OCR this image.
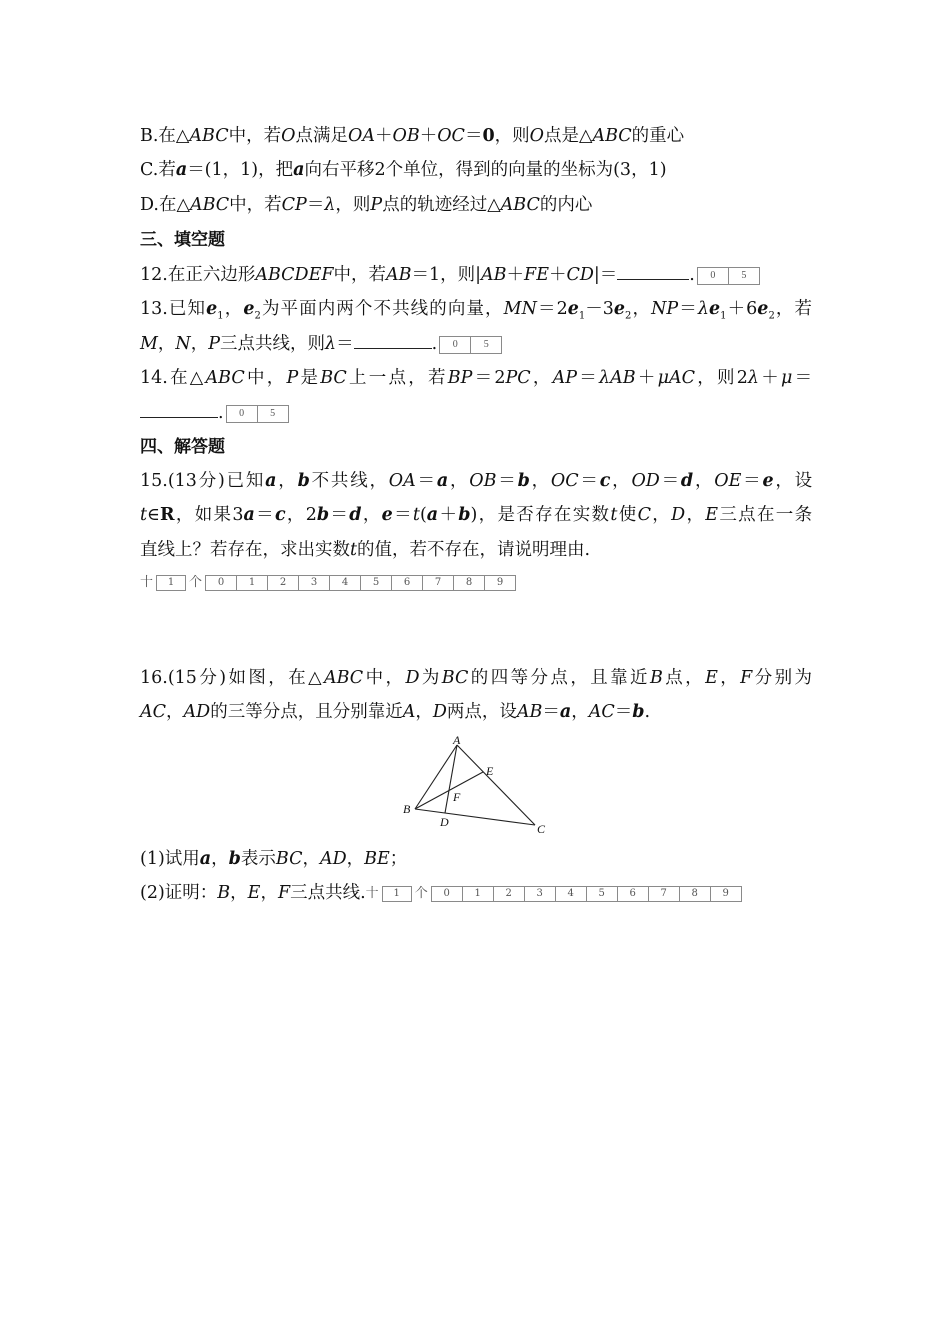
B.在△ABC中，若O点满足OA＋OB＋OC＝0，则O点是△ABC的重心
C.若a＝(1，1)，把a向右平移2个单位，得到的向量的坐标为(3，1)
D.在△ABC中，若CP＝λ，则P点的轨迹经过△ABC的内心
三、填空题
12.在正六边形ABCDEF中，若AB＝1，则|AB＋FE＋CD|＝	.	0	5
13.已知$e_1$，$e_2$为平面内两个不共线的向量，$MN=2e_1-3e_2$，$NP=\lambda e_1+6e_2$，若
M，N，P三点共线，则λ＝	.	0	5
14.在△ABC中，P是BC上一点，若BP＝2PC，AP＝λAB＋μAC，则2λ＋μ＝
.	0	5
四、解答题
15.(13分)已知a，b不共线，OA＝a，OB＝b，OC＝c，OD＝d，OE＝e，设
t∈R，如果3a＝c，2b＝d，e＝t(a＋b)，是否存在实数t使C，D，E三点在一条
直线上？若存在，求出实数t的值，若不存在，请说明理由.
十	1	个	0	1	2	3	4	5	6	7	8	9
16.(15分)如图，在△ABC中，D为BC的四等分点，且靠近B点，E，F分别为
AC，AD的三等分点，且分别靠近A，D两点，设AB＝a，AC＝b.
A
B
C
D
E
F
(1)试用a，b表示BC，AD，BE；
(2)证明：B，E，F三点共线. 十	1	个	0	1	2	3	4	5	6	7	8	9
